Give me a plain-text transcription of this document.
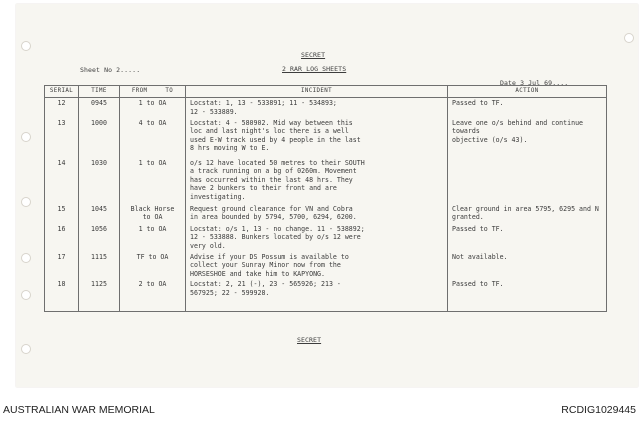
SECRET
2 RAR LOG SHEETS
Sheet No 2.....
Date 3 Jul 69....
SERIAL	TIME	FROM TO	INCIDENT	ACTION
12	0945	1 to OA	Locstat: 1, 13 - 533891; 11 - 534893;
12 - 533889.	Passed to TF.
13	1000	4 to OA	Locstat: 4 - 580902. Mid way between this
loc and last night's loc there is a well
used E-W track used by 4 people in the last
8 hrs moving W to E.	Leave one o/s behind and continue towards
objective (o/s 43).
14	1030	1 to OA	o/s 12 have located 50 metres to their SOUTH
a track running on a bg of 0260m. Movement
has occurred within the last 48 hrs. They
have 2 bunkers to their front and are
investigating.	
15	1045	Black Horse
to OA	Request ground clearance for VN and Cobra
in area bounded by 5794, 5700, 6294, 6200.	Clear ground in area 5795, 6295 and N
granted.
16	1056	1 to OA	Locstat: o/s 1, 13 - no change. 11 - 538892;
12 - 533888. Bunkers located by o/s 12 were
very old.	Passed to TF.
17	1115	TF to OA	Advise if your DS Possum is available to
collect your Sunray Minor now from the
HORSESHOE and take him to KAPYONG.	Not available.
18	1125	2 to OA	Locstat: 2, 21 (-), 23 - 565926; 213 -
567925; 22 - 599928.	Passed to TF.
SECRET
AUSTRALIAN WAR MEMORIAL	RCDIG1029445
